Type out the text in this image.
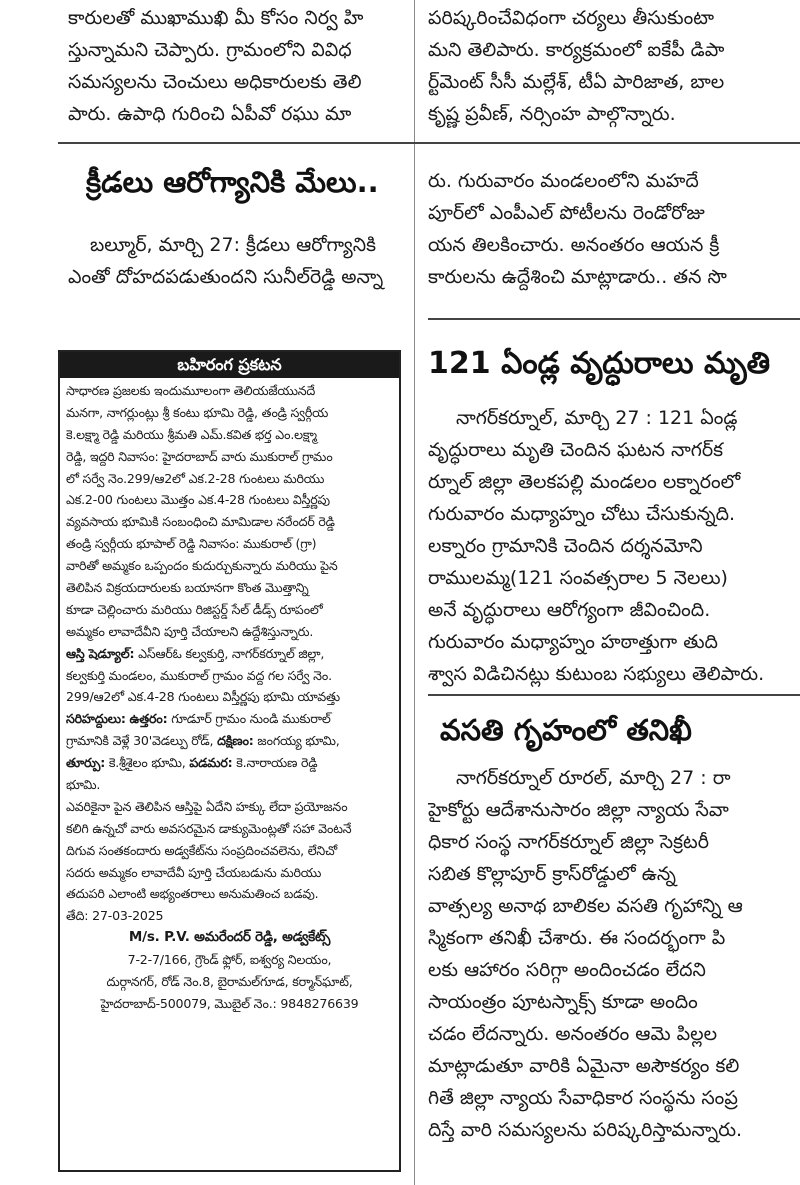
కారులతో ముఖాముఖి మీ కోసం నిర్వ హి

స్తున్నామని చెప్పారు. గ్రామంలోని వివిధ

సమస్యలను చెంచులు అధికారులకు తెలి

పారు. ఉపాధి గురించి ఏపీవో రఘు మా

పరిష్కరించేవిధంగా చర్యలు తీసుకుంటా

మని తెలిపారు. కార్యక్రమంలో ఐకేపీ డిపా

ర్ట్‌మెంట్ సీసీ మల్లేశ్, టీఏ పారిజాత, బాల

కృష్ణ ప్రవీణ్, నర్సింహ పాల్గొన్నారు.

క్రీడలు ఆరోగ్యానికి మేలు..

బల్మూర్, మార్చి 27: క్రీడలు ఆరోగ్యానికి

ఎంతో దోహదపడుతుందని సునీల్‌రెడ్డి అన్నా

రు. గురువారం మండలంలోని మహదే

పూర్‌లో ఎంపీఎల్ పోటీలను రెండోరోజు

యన తిలకించారు. అనంతరం ఆయన క్రీ

కారులను ఉద్దేశించి మాట్లాడారు.. తన సొ

బహిరంగ ప్రకటన

సాధారణ ప్రజలకు ఇందుమూలంగా తెలియజేయునదే

మనగా, నాగర్లుంట్లు శ్రీ కంటు భూమి రెడ్డి, తండ్రి స్వర్గీయ

కె.లక్ష్మా రెడ్డి మరియు శ్రీమతి ఎమ్.కవిత భర్త ఎం.లక్ష్మా

రెడ్డి, ఇద్దరి నివాసం: హైదరాబాద్ వారు ముకురాల్ గ్రామం

లో సర్వే నెం.299/ఆ2లో ఎక.2-28 గుంటలు మరియు

ఎక.2-00 గుంటలు మొత్తం ఎక.4-28 గుంటలు విస్తీర్ణపు

వ్యవసాయ భూమికి సంబంధించి మామిడాల నరేందర్ రెడ్డి

తండ్రి స్వర్గీయ భూపాల్ రెడ్డి నివాసం: ముకురాల్ (గ్రా)

వారితో అమ్మకం ఒప్పందం కుదుర్చుకున్నారు మరియు పైన

తెలిపిన విక్రయదారులకు బయానగా కొంత మొత్తాన్ని

కూడా చెల్లించారు మరియు రిజిస్టర్డ్ సేల్ డీడ్స్ రూపంలో

అమ్మకం లావాదేవీని పూర్తి చేయాలని ఉద్దేశిస్తున్నారు.

ఆస్తి షెడ్యూల్: ఎస్ఆర్ఓ కల్వకుర్తి, నాగర్‌కర్నూల్ జిల్లా,

కల్వకుర్తి మండలం, ముకురాల్ గ్రామం వద్ద గల సర్వే నెం.

299/ఆ2లో ఎక.4-28 గుంటలు విస్తీర్ణపు భూమి యావత్తు

సరిహద్దులు: ఉత్తరం: గూడూర్ గ్రామం నుండి ముకురాల్

గ్రామానికి వెళ్లే 30'వెడల్పు రోడ్, దక్షిణం: జంగయ్య భూమి,

తూర్పు: కె.శ్రీశైలం భూమి, పడమర: కె.నారాయణ రెడ్డి

భూమి.

ఎవరికైనా పైన తెలిపిన ఆస్తిపై ఏదేని హక్కు లేదా ప్రయోజనం

కలిగి ఉన్నచో వారు అవసరమైన డాక్యుమెంట్లతో సహా వెంటనే

దిగువ సంతకందారు అడ్వకేట్‌ను సంప్రదించవలెను, లేనిచో

సదరు అమ్మకం లావాదేవీ పూర్తి చేయబడును మరియు

తదుపరి ఎలాంటి అభ్యంతరాలు అనుమతించ బడవు.

తేది: 27-03-2025

M/s. P.V. అమరేందర్ రెడ్డి, అడ్వకేట్స్

7-2-7/166, గ్రౌండ్ ఫ్లోర్, ఐశ్వర్య నిలయం,

దుర్గానగర్, రోడ్ నెం.8, బైరామల్‌గూడ, కర్మాన్‌ఘాట్,

హైదరాబాద్-500079, మొబైల్ నెం.: 9848276639

121 ఏండ్ల వృద్ధురాలు మృతి

నాగర్‌కర్నూల్, మార్చి 27 : 121 ఏండ్ల

వృద్ధురాలు మృతి చెందిన ఘటన నాగర్‌క

ర్నూల్ జిల్లా తెలకపల్లి మండలం లక్నారంలో

గురువారం మధ్యాహ్నం చోటు చేసుకున్నది.

లక్నారం గ్రామానికి చెందిన దర్శనమోని

రాములమ్మ(121 సంవత్సరాల 5 నెలలు)

అనే వృద్ధురాలు ఆరోగ్యంగా జీవించింది.

గురువారం మధ్యాహ్నం హఠాత్తుగా తుది

శ్వాస విడిచినట్లు కుటుంబ సభ్యులు తెలిపారు.

వసతి గృహంలో తనిఖీ

నాగర్‌కర్నూల్ రూరల్, మార్చి 27 : రా

హైకోర్టు ఆదేశానుసారం జిల్లా న్యాయ సేవా

ధికార సంస్థ నాగర్‌కర్నూల్ జిల్లా సెక్రటరీ

సబిత కొల్లాపూర్ క్రాస్‌రోడ్డులో ఉన్న

వాత్సల్య అనాథ బాలికల వసతి గృహాన్ని ఆ

స్మికంగా తనిఖీ చేశారు. ఈ సందర్భంగా పి

లకు ఆహారం సరిగ్గా అందించడం లేదని

సాయంత్రం పూటస్నాక్స్ కూడా అందిం

చడం లేదన్నారు. అనంతరం ఆమె పిల్లల

మాట్లాడుతూ వారికి ఏమైనా అసౌకర్యం కలి

గితే జిల్లా న్యాయ సేవాధికార సంస్థను సంప్ర

దిస్తే వారి సమస్యలను పరిష్కరిస్తామన్నారు.
